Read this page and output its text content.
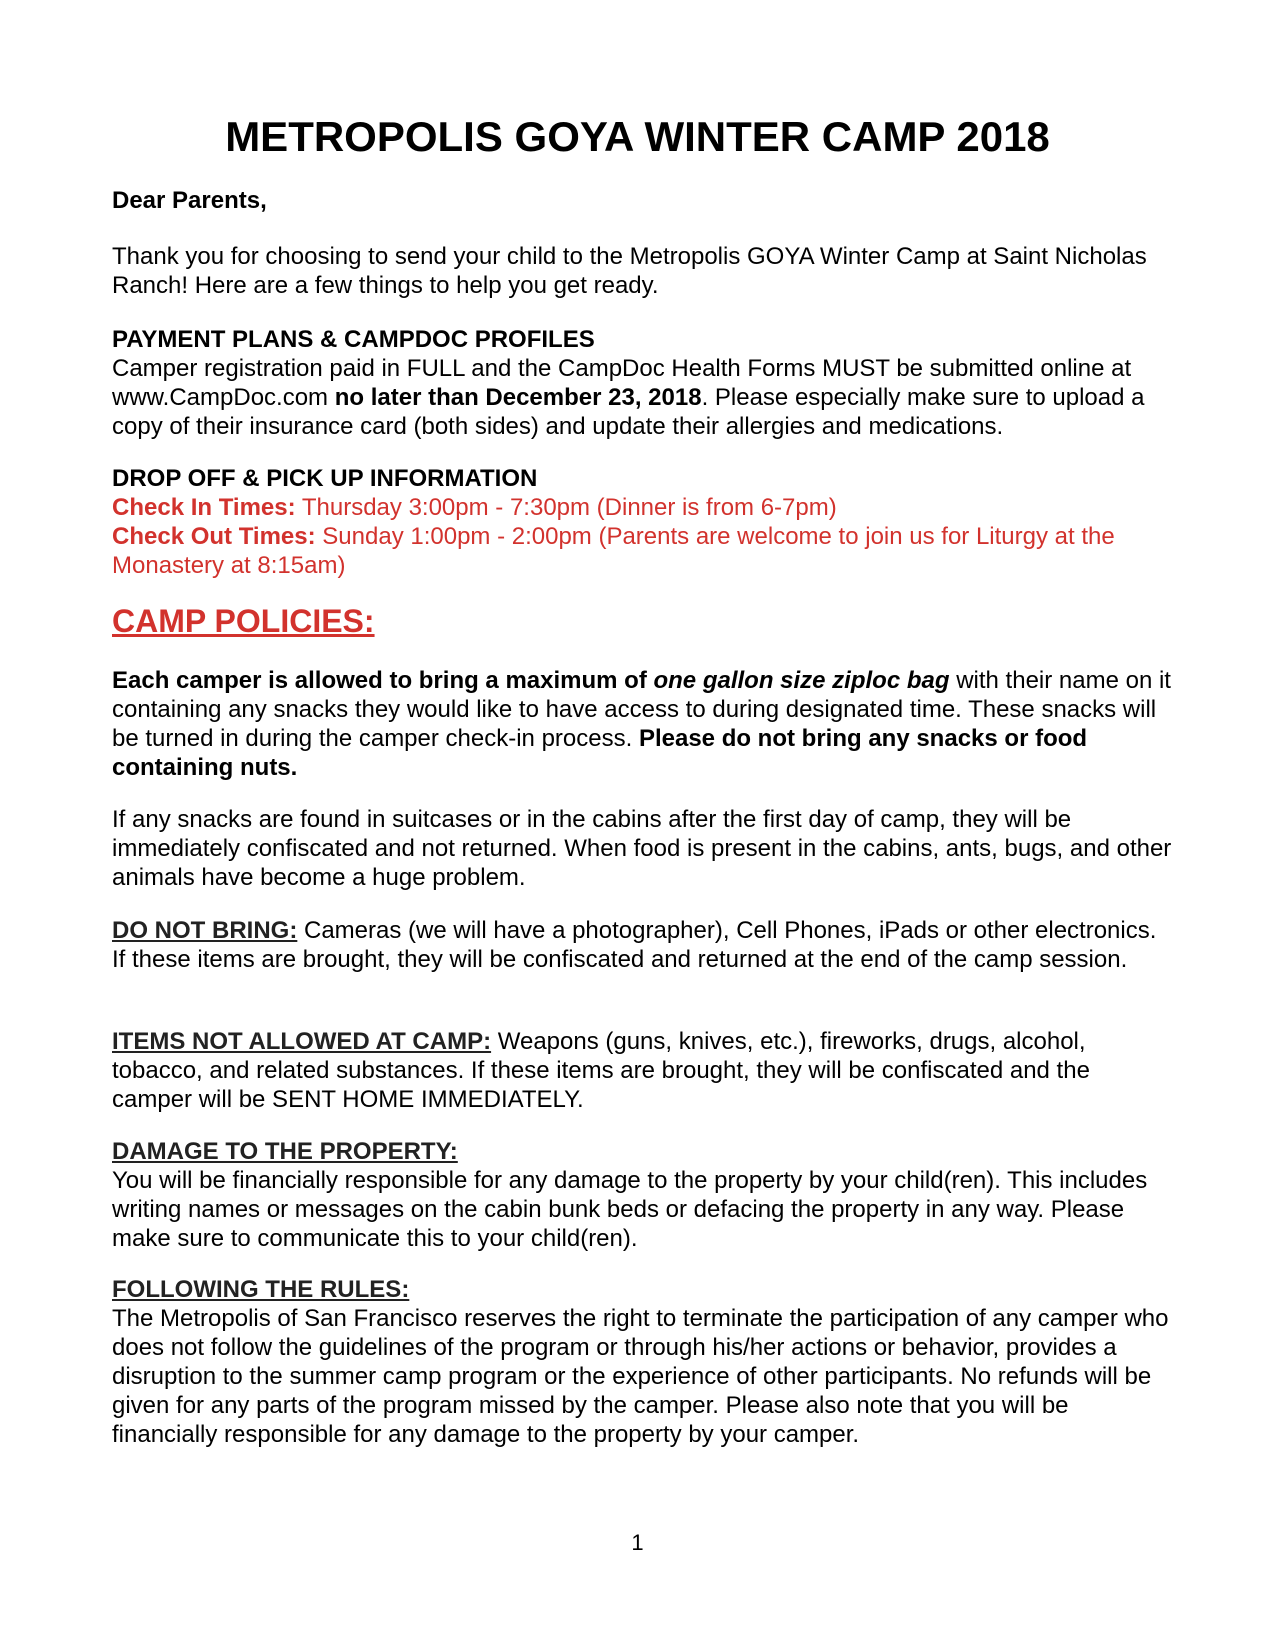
METROPOLIS GOYA WINTER CAMP 2018

Dear Parents,

Thank you for choosing to send your child to the Metropolis GOYA Winter Camp at Saint Nicholas Ranch! Here are a few things to help you get ready.

PAYMENT PLANS & CAMPDOC PROFILES
Camper registration paid in FULL and the CampDoc Health Forms MUST be submitted online at www.CampDoc.com no later than December 23, 2018. Please especially make sure to upload a copy of their insurance card (both sides) and update their allergies and medications.
DROP OFF & PICK UP INFORMATION
Check In Times: Thursday 3:00pm - 7:30pm (Dinner is from 6-7pm)
Check Out Times: Sunday 1:00pm - 2:00pm (Parents are welcome to join us for Liturgy at the Monastery at 8:15am)
CAMP POLICIES:

Each camper is allowed to bring a maximum of one gallon size ziploc bag with their name on it containing any snacks they would like to have access to during designated time. These snacks will be turned in during the camper check-in process. Please do not bring any snacks or food containing nuts.

If any snacks are found in suitcases or in the cabins after the first day of camp, they will be immediately confiscated and not returned. When food is present in the cabins, ants, bugs, and other animals have become a huge problem.

DO NOT BRING: Cameras (we will have a photographer), Cell Phones, iPads or other electronics. If these items are brought, they will be confiscated and returned at the end of the camp session.

ITEMS NOT ALLOWED AT CAMP: Weapons (guns, knives, etc.), fireworks, drugs, alcohol, tobacco, and related substances. If these items are brought, they will be confiscated and the camper will be SENT HOME IMMEDIATELY.

DAMAGE TO THE PROPERTY:
You will be financially responsible for any damage to the property by your child(ren). This includes writing names or messages on the cabin bunk beds or defacing the property in any way. Please make sure to communicate this to your child(ren).
FOLLOWING THE RULES:
The Metropolis of San Francisco reserves the right to terminate the participation of any camper who does not follow the guidelines of the program or through his/her actions or behavior, provides a disruption to the summer camp program or the experience of other participants. No refunds will be given for any parts of the program missed by the camper. Please also note that you will be financially responsible for any damage to the property by your camper.
1
